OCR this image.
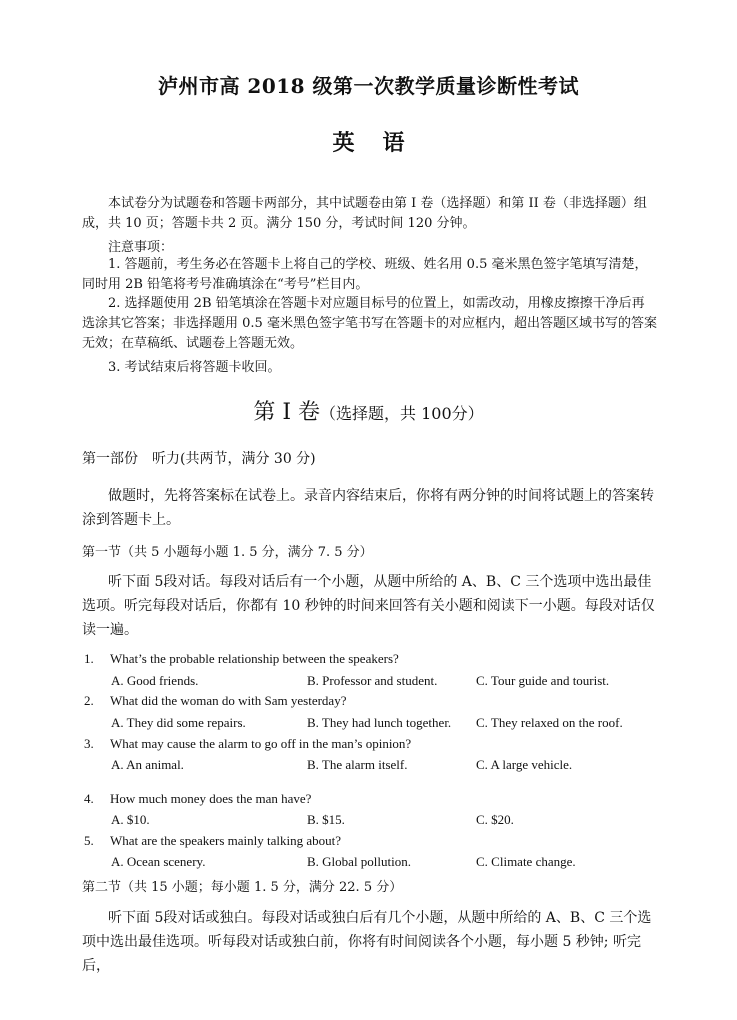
泸州市高 2018 级第一次教学质量诊断性考试
英语
本试卷分为试题卷和答题卡两部分，其中试题卷由第 I 卷（选择题）和第 II 卷（非选择题）组成，共 10 页；答题卡共 2 页。满分 150 分，考试时间 120 分钟。
注意事项：
1. 答题前，考生务必在答题卡上将自己的学校、班级、姓名用 0.5 毫米黑色签字笔填写清楚，同时用 2B 铅笔将考号准确填涂在“考号”栏目内。
2. 选择题使用 2B 铅笔填涂在答题卡对应题目标号的位置上，如需改动，用橡皮擦擦干净后再选涂其它答案；非选择题用 0.5 毫米黑色签字笔书写在答题卡的对应框内，超出答题区域书写的答案无效；在草稿纸、试题卷上答题无效。
3. 考试结束后将答题卡收回。
第 I 卷（选择题，共 100分）
第一部份　听力(共两节，满分 30 分)
做题时，先将答案标在试卷上。录音内容结束后，你将有两分钟的时间将试题上的答案转涂到答题卡上。
第一节（共 5 小题每小题 1. 5 分，满分 7. 5 分）
听下面 5段对话。每段对话后有一个小题，从题中所给的 A、B、C 三个选项中选出最佳选项。听完每段对话后，你都有 10 秒钟的时间来回答有关小题和阅读下一小题。每段对话仅读一遍。
1. What’s the probable relationship between the speakers?
A. Good friends.	B. Professor and student.	C. Tour guide and tourist.
2. What did the woman do with Sam yesterday?
A. They did some repairs.	B. They had lunch together. C. They relaxed on the roof.
3. What may cause the alarm to go off in the man’s opinion?
A. An animal.	B. The alarm itself.	C. A large vehicle.
4. How much money does the man have?
A. $10.	B. $15.	C. $20.
5. What are the speakers mainly talking about?
A. Ocean scenery.	B. Global pollution.	C. Climate change.
第二节（共 15 小题；每小题 1. 5 分，满分 22. 5 分）
听下面 5段对话或独白。每段对话或独白后有几个小题，从题中所给的 A、B、C 三个选项中选出最佳选项。听每段对话或独白前，你将有时间阅读各个小题，每小题 5 秒钟; 听完后，
